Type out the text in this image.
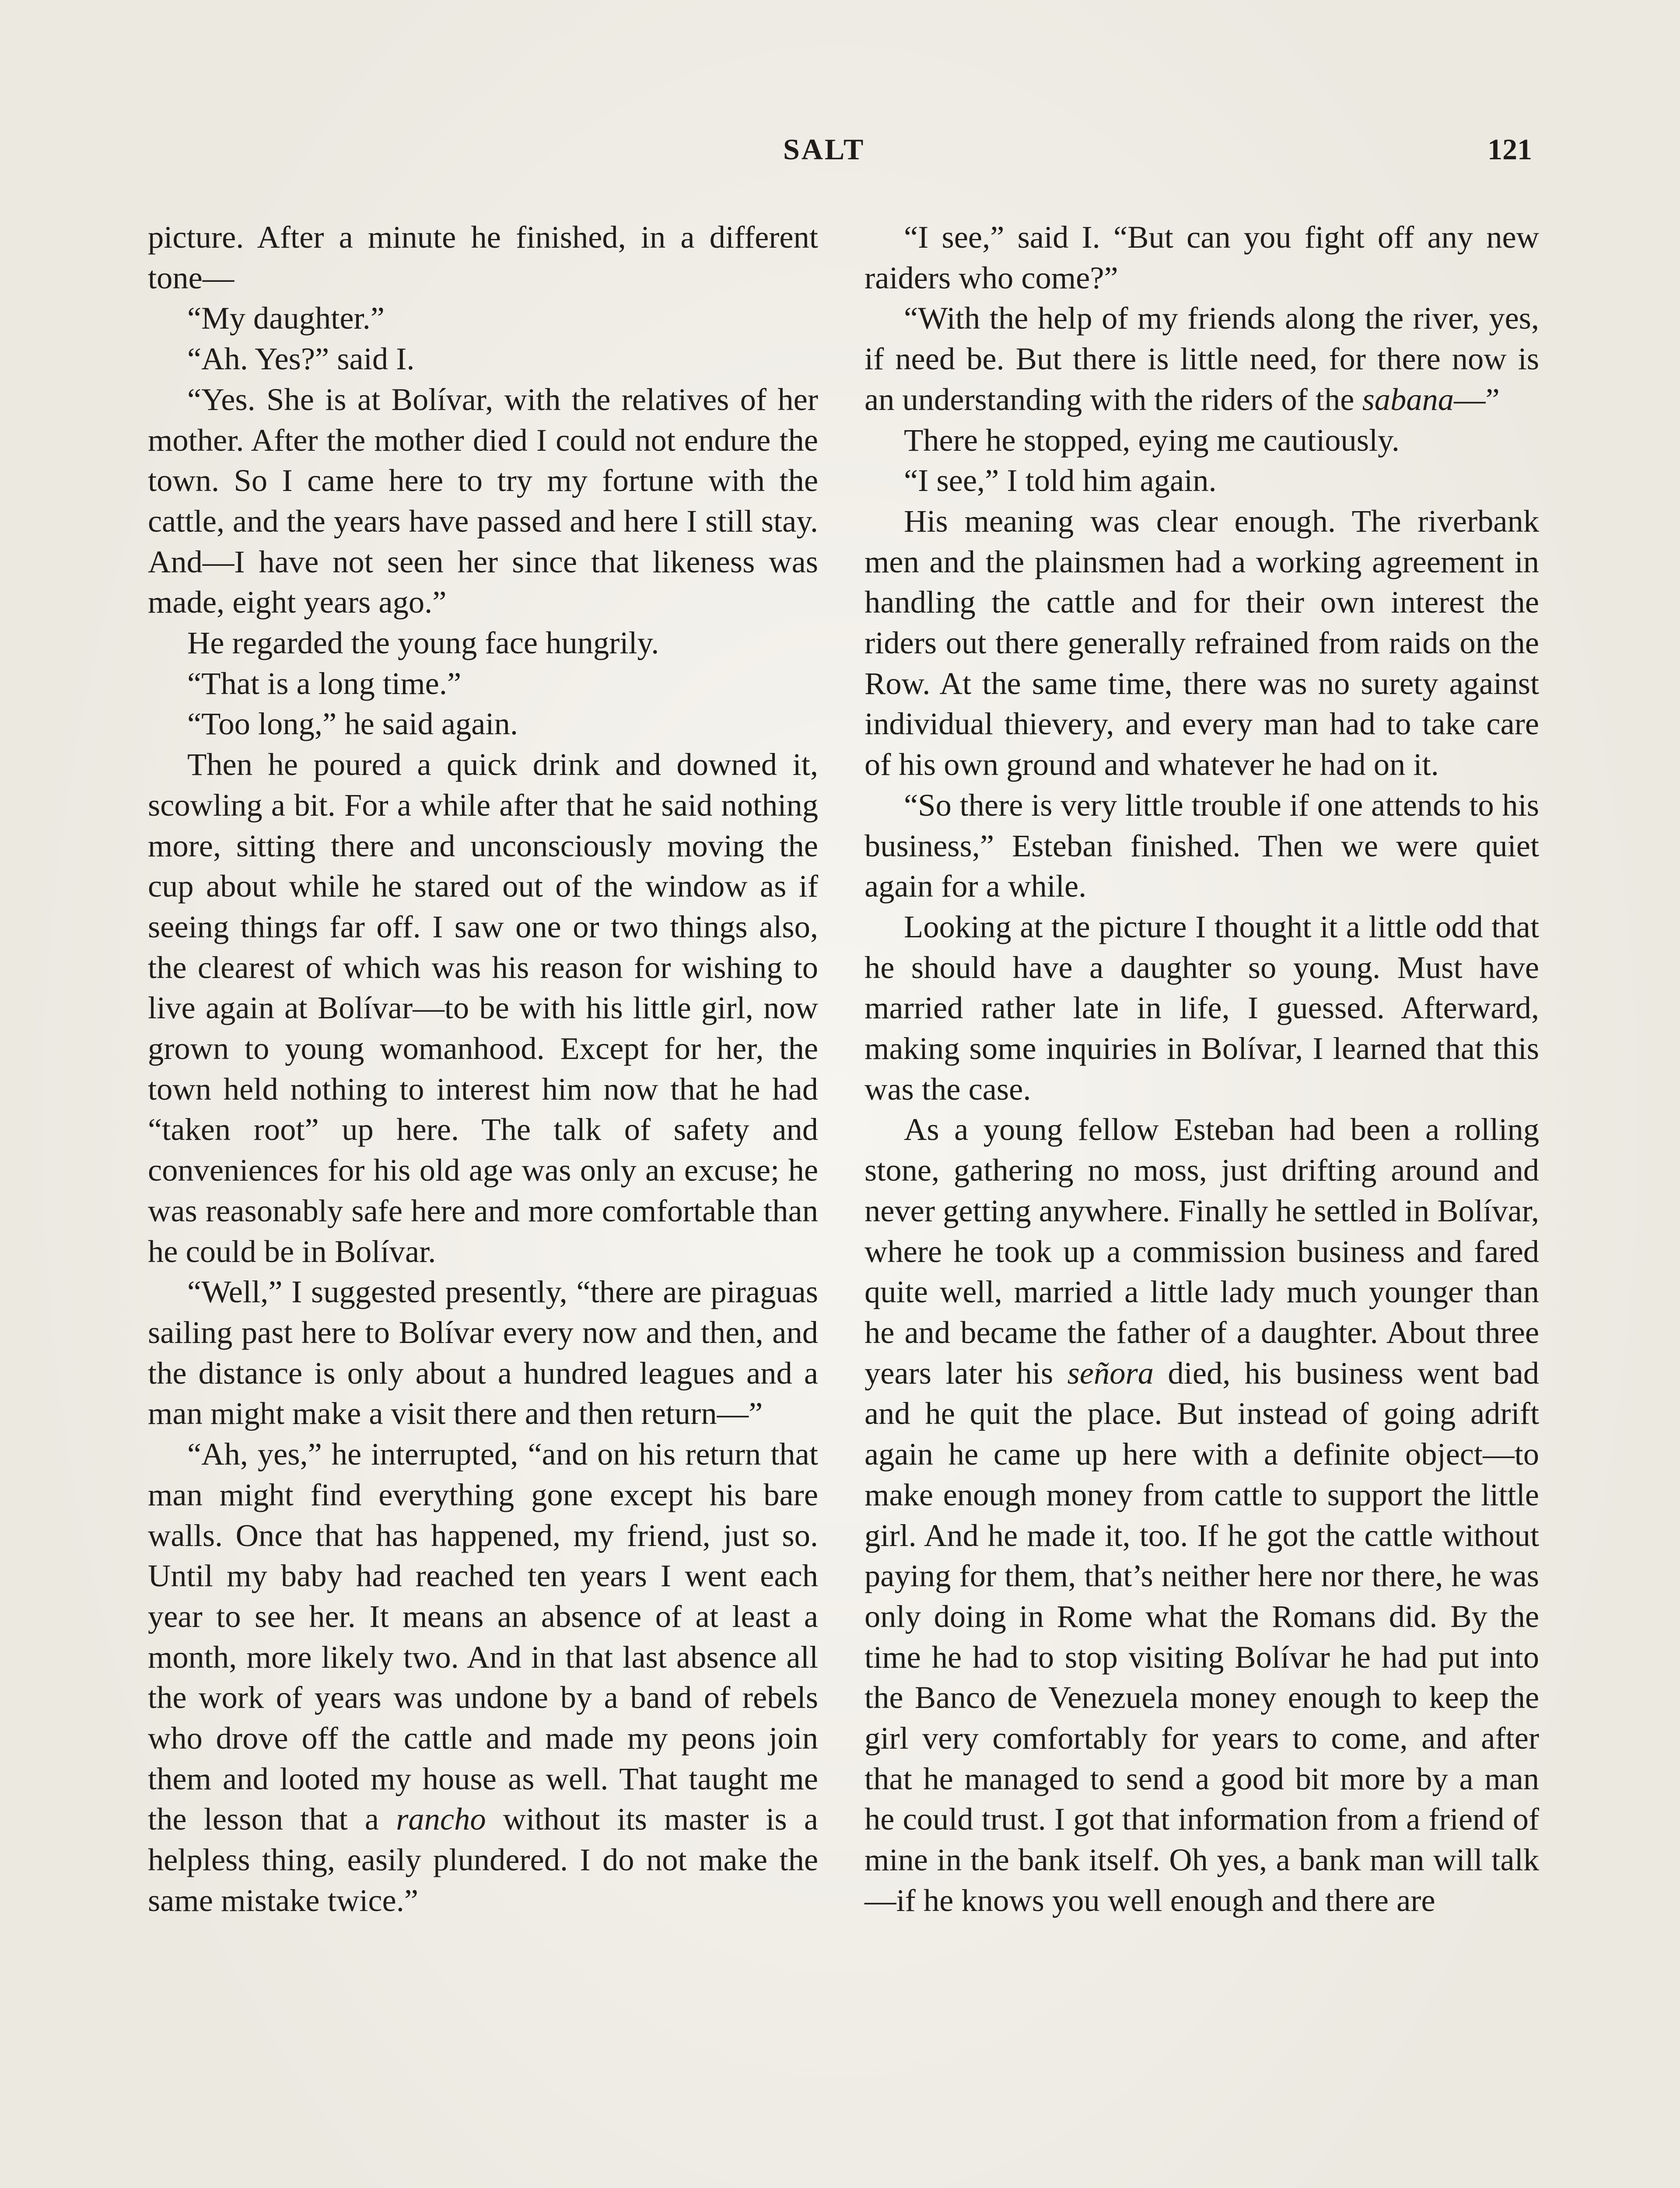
SALT	121

picture. After a minute he finished, in a different tone—

“My daughter.”

“Ah. Yes?” said I.

“Yes. She is at Bolívar, with the relatives of her mother. After the mother died I could not endure the town. So I came here to try my fortune with the cattle, and the years have passed and here I still stay. And—I have not seen her since that likeness was made, eight years ago.”

He regarded the young face hungrily.

“That is a long time.”

“Too long,” he said again.

Then he poured a quick drink and downed it, scowling a bit. For a while after that he said nothing more, sitting there and unconsciously moving the cup about while he stared out of the window as if seeing things far off. I saw one or two things also, the clearest of which was his reason for wishing to live again at Bolívar—to be with his little girl, now grown to young womanhood. Except for her, the town held nothing to interest him now that he had “taken root” up here. The talk of safety and conveniences for his old age was only an excuse; he was reasonably safe here and more comfortable than he could be in Bolívar.

“Well,” I suggested presently, “there are piraguas sailing past here to Bolívar every now and then, and the distance is only about a hundred leagues and a man might make a visit there and then return—”

“Ah, yes,” he interrupted, “and on his return that man might find everything gone except his bare walls. Once that has happened, my friend, just so. Until my baby had reached ten years I went each year to see her. It means an absence of at least a month, more likely two. And in that last absence all the work of years was undone by a band of rebels who drove off the cattle and made my peons join them and looted my house as well. That taught me the lesson that a rancho without its master is a helpless thing, easily plundered. I do not make the same mistake twice.”

“I see,” said I. “But can you fight off any new raiders who come?”

“With the help of my friends along the river, yes, if need be. But there is little need, for there now is an understanding with the riders of the sabana—”

There he stopped, eying me cautiously.

“I see,” I told him again.

His meaning was clear enough. The riverbank men and the plainsmen had a working agreement in handling the cattle and for their own interest the riders out there generally refrained from raids on the Row. At the same time, there was no surety against individual thievery, and every man had to take care of his own ground and whatever he had on it.

“So there is very little trouble if one attends to his business,” Esteban finished. Then we were quiet again for a while.

Looking at the picture I thought it a little odd that he should have a daughter so young. Must have married rather late in life, I guessed. Afterward, making some inquiries in Bolívar, I learned that this was the case.

As a young fellow Esteban had been a rolling stone, gathering no moss, just drifting around and never getting anywhere. Finally he settled in Bolívar, where he took up a commission business and fared quite well, married a little lady much younger than he and became the father of a daughter. About three years later his señora died, his business went bad and he quit the place. But instead of going adrift again he came up here with a definite object—to make enough money from cattle to support the little girl. And he made it, too. If he got the cattle without paying for them, that’s neither here nor there, he was only doing in Rome what the Romans did. By the time he had to stop visiting Bolívar he had put into the Banco de Venezuela money enough to keep the girl very comfortably for years to come, and after that he managed to send a good bit more by a man he could trust. I got that information from a friend of mine in the bank itself. Oh yes, a bank man will talk—if he knows you well enough and there are
